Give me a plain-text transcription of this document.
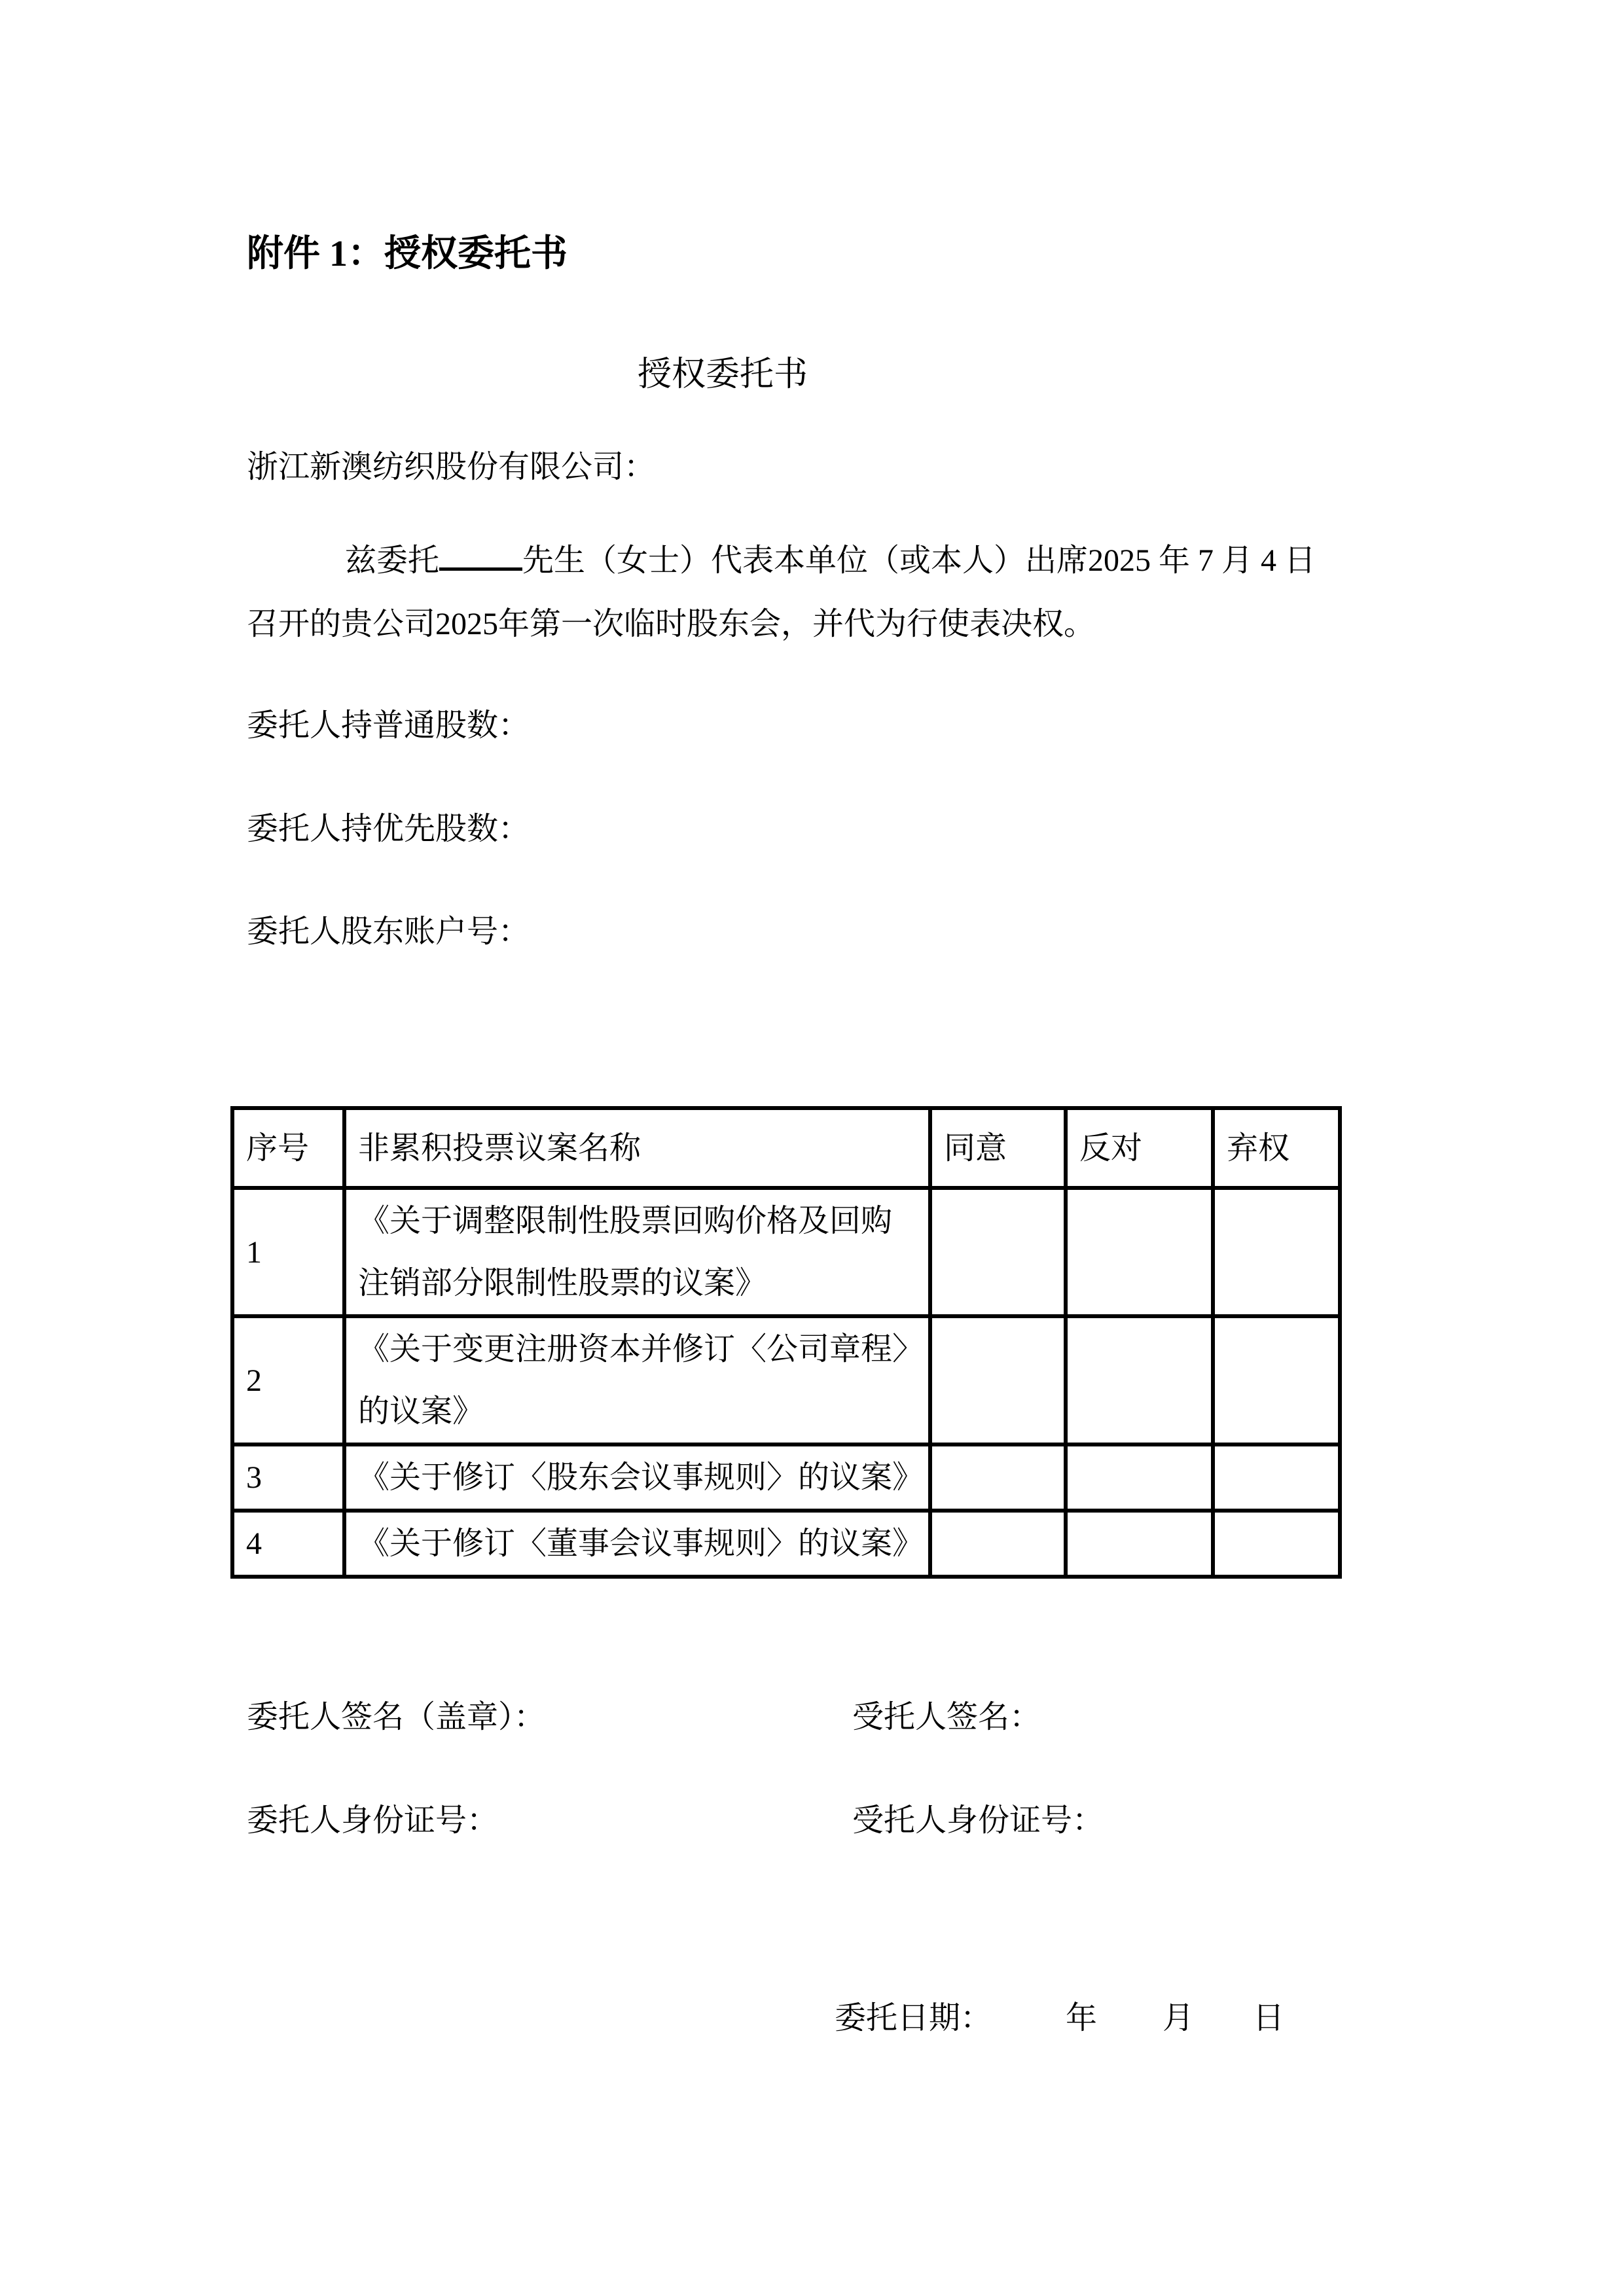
附件 1：授权委托书
授权委托书
浙江新澳纺织股份有限公司：
兹委托	先生（女士）代表本单位（或本人）出席2025 年 7 月 4 日
召开的贵公司2025年第一次临时股东会，并代为行使表决权。
委托人持普通股数：
委托人持优先股数：
委托人股东账户号：
序号	非累积投票议案名称	同意	反对	弃权

1	《关于调整限制性股票回购价格及回购
注销部分限制性股票的议案》			

2	《关于变更注册资本并修订〈公司章程〉
的议案》			

3	《关于修订〈股东会议事规则〉的议案》			

4	《关于修订〈董事会议事规则〉的议案》			

委托人签名（盖章）：	受托人签名：
委托人身份证号：	受托人身份证号：
委托日期： 年 月 日
